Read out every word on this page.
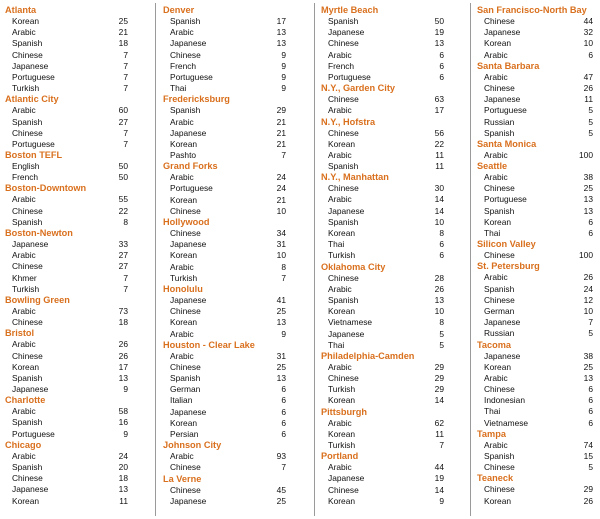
Atlanta
Korean	25
Arabic	21
Spanish	18
Chinese	7
Japanese	7
Portuguese	7
Turkish	7
Atlantic City
Arabic	60
Spanish	27
Chinese	7
Portuguese	7
Boston TEFL
English	50
French	50
Boston-Downtown
Arabic	55
Chinese	22
Spanish	8
Boston-Newton
Japanese	33
Arabic	27
Chinese	27
Khmer	7
Turkish	7
Bowling Green
Arabic	73
Chinese	18
Bristol
Arabic	26
Chinese	26
Korean	17
Spanish	13
Japanese	9
Charlotte
Arabic	58
Spanish	16
Portuguese	9
Chicago
Arabic	24
Spanish	20
Chinese	18
Japanese	13
Korean	11
Denver
Spanish	17
Arabic	13
Japanese	13
Chinese	9
French	9
Portuguese	9
Thai	9
Fredericksburg
Spanish	29
Arabic	21
Japanese	21
Korean	21
Pashto	7
Grand Forks
Arabic	24
Portuguese	24
Korean	21
Chinese	10
Hollywood
Chinese	34
Japanese	31
Korean	10
Arabic	8
Turkish	7
Honolulu
Japanese	41
Chinese	25
Korean	13
Arabic	9
Houston - Clear Lake
Arabic	31
Chinese	25
Spanish	13
German	6
Italian	6
Japanese	6
Korean	6
Persian	6
Johnson City
Arabic	93
Chinese	7
La Verne
Chinese	45
Japanese	25
Myrtle Beach
Spanish	50
Japanese	19
Chinese	13
Arabic	6
French	6
Portuguese	6
N.Y., Garden City
Chinese	63
Arabic	17
N.Y., Hofstra
Chinese	56
Korean	22
Arabic	11
Spanish	11
N.Y., Manhattan
Chinese	30
Arabic	14
Japanese	14
Spanish	10
Korean	8
Thai	6
Turkish	6
Oklahoma City
Chinese	28
Arabic	26
Spanish	13
Korean	10
Vietnamese	8
Japanese	5
Thai	5
Philadelphia-Camden
Arabic	29
Chinese	29
Turkish	29
Korean	14
Pittsburgh
Arabic	62
Korean	11
Turkish	7
Portland
Arabic	44
Japanese	19
Chinese	14
Korean	9
San Francisco-North Bay
Chinese	44
Japanese	32
Korean	10
Arabic	6
Santa Barbara
Arabic	47
Chinese	26
Japanese	11
Portuguese	5
Russian	5
Spanish	5
Santa Monica
Arabic	100
Seattle
Arabic	38
Chinese	25
Portuguese	13
Spanish	13
Korean	6
Thai	6
Silicon Valley
Chinese	100
St. Petersburg
Arabic	26
Spanish	24
Chinese	12
German	10
Japanese	7
Russian	5
Tacoma
Japanese	38
Korean	25
Arabic	13
Chinese	6
Indonesian	6
Thai	6
Vietnamese	6
Tampa
Arabic	74
Spanish	15
Chinese	5
Teaneck
Chinese	29
Korean	26
